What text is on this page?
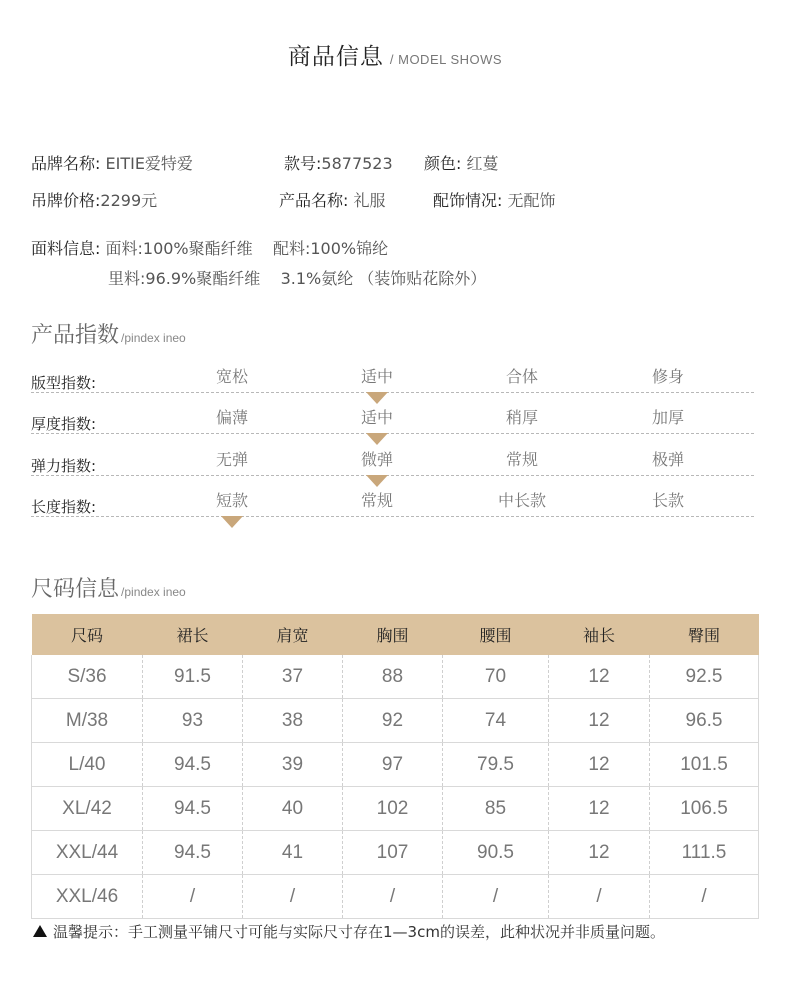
商品信息 / MODEL SHOWS
品牌名称: EITIE爱特爱	款号:5877523 颜色: 红蔓
吊牌价格:2299元	产品名称: 礼服	配饰情况: 无配饰
面料信息: 面料:100%聚酯纤维    配料:100%锦纶
里料:96.9%聚酯纤维    3.1%氨纶 （装饰贴花除外）
产品指数 /pindex ineo
版型指数:	宽松	适中	合体	修身
厚度指数:	偏薄	适中	稍厚	加厚
弹力指数:	无弹	微弹	常规	极弹
长度指数:	短款	常规	中长款	长款
尺码信息 /pindex ineo
尺码	裙长	肩宽	胸围	腰围	袖长	臀围
S/36	91.5	37	88	70	12	92.5
M/38	93	38	92	74	12	96.5
L/40	94.5	39	97	79.5	12	101.5
XL/42	94.5	40	102	85	12	106.5
XXL/44	94.5	41	107	90.5	12	111.5
XXL/46	/	/	/	/	/	/
温馨提示：手工测量平铺尺寸可能与实际尺寸存在1—3cm的误差，此种状况并非质量问题。
